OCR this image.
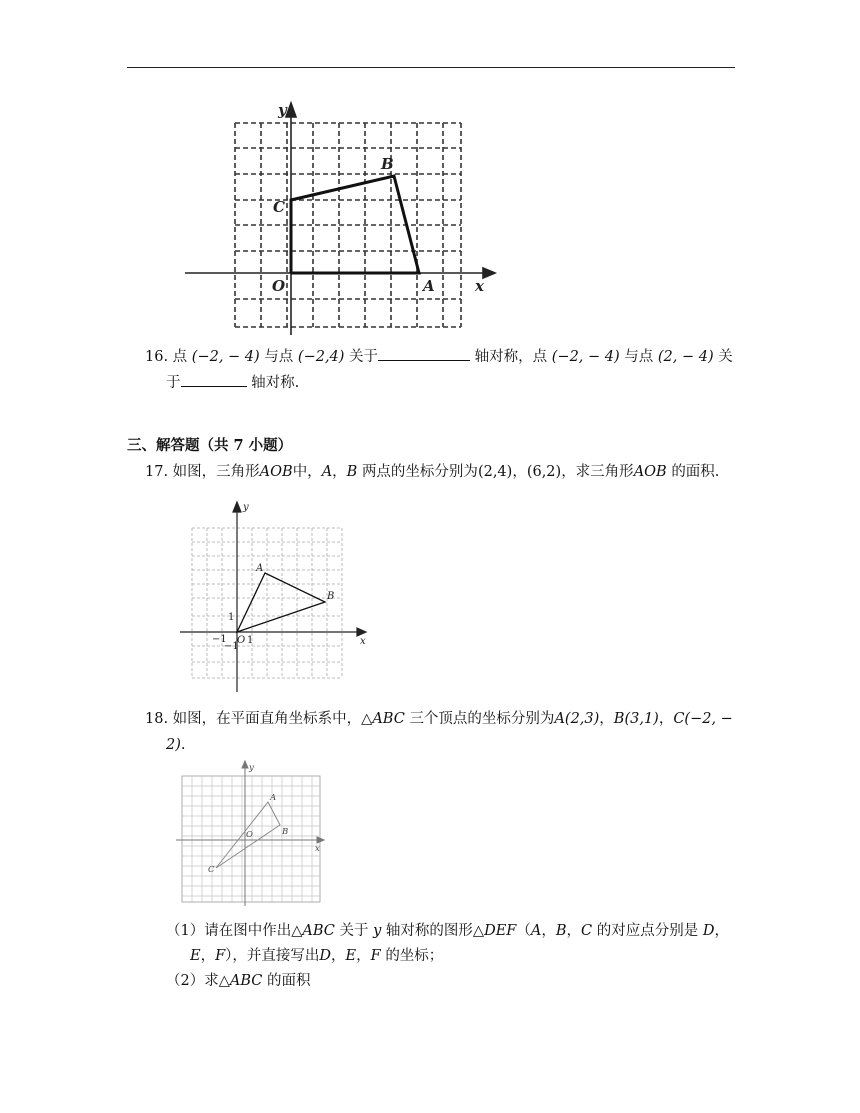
y
B
C
O	A	x
16. 点 (−2, − 4) 与点 (−2,4) 关于	轴对称，点 (−2, − 4) 与点 (2, − 4) 关
于	轴对称.
三、解答题（共 7 小题）
17. 如图，三角形AOB中，A，B 两点的坐标分别为(2,4)，(6,2)，求三角形AOB 的面积.
y
A
B
x
O
1
−1 1
−1
18. 如图，在平面直角坐标系中，△ABC 三个顶点的坐标分别为A(2,3)，B(3,1)，C(−2, −
2).
y
A
O	B
x
C
（1）请在图中作出△ABC 关于 y 轴对称的图形△DEF（A，B，C 的对应点分别是 D，
E，F），并直接写出D，E，F 的坐标；
（2）求△ABC 的面积
